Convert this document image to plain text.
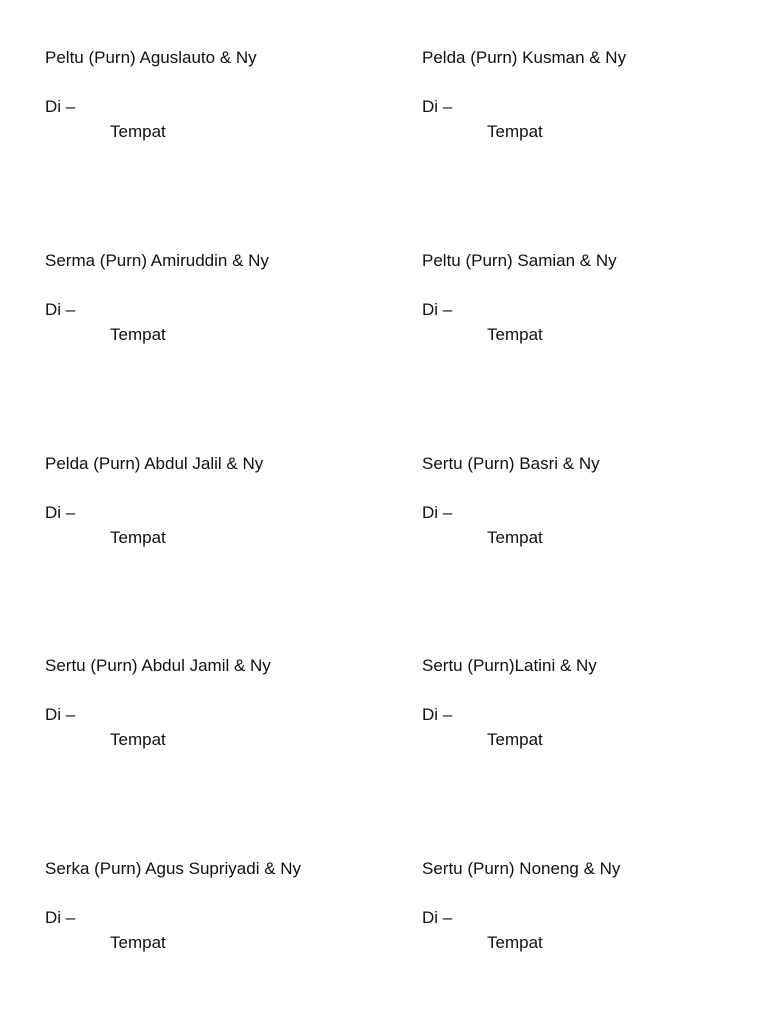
Peltu (Purn) Aguslauto & Ny
Di –
Tempat
Pelda (Purn) Kusman & Ny
Di –
Tempat
Serma (Purn) Amiruddin & Ny
Di –
Tempat
Peltu (Purn) Samian & Ny
Di –
Tempat
Pelda (Purn) Abdul Jalil & Ny
Di –
Tempat
Sertu (Purn) Basri & Ny
Di –
Tempat
Sertu (Purn) Abdul Jamil & Ny
Di –
Tempat
Sertu (Purn)Latini & Ny
Di –
Tempat
Serka (Purn) Agus Supriyadi & Ny
Di –
Tempat
Sertu (Purn) Noneng & Ny
Di –
Tempat
